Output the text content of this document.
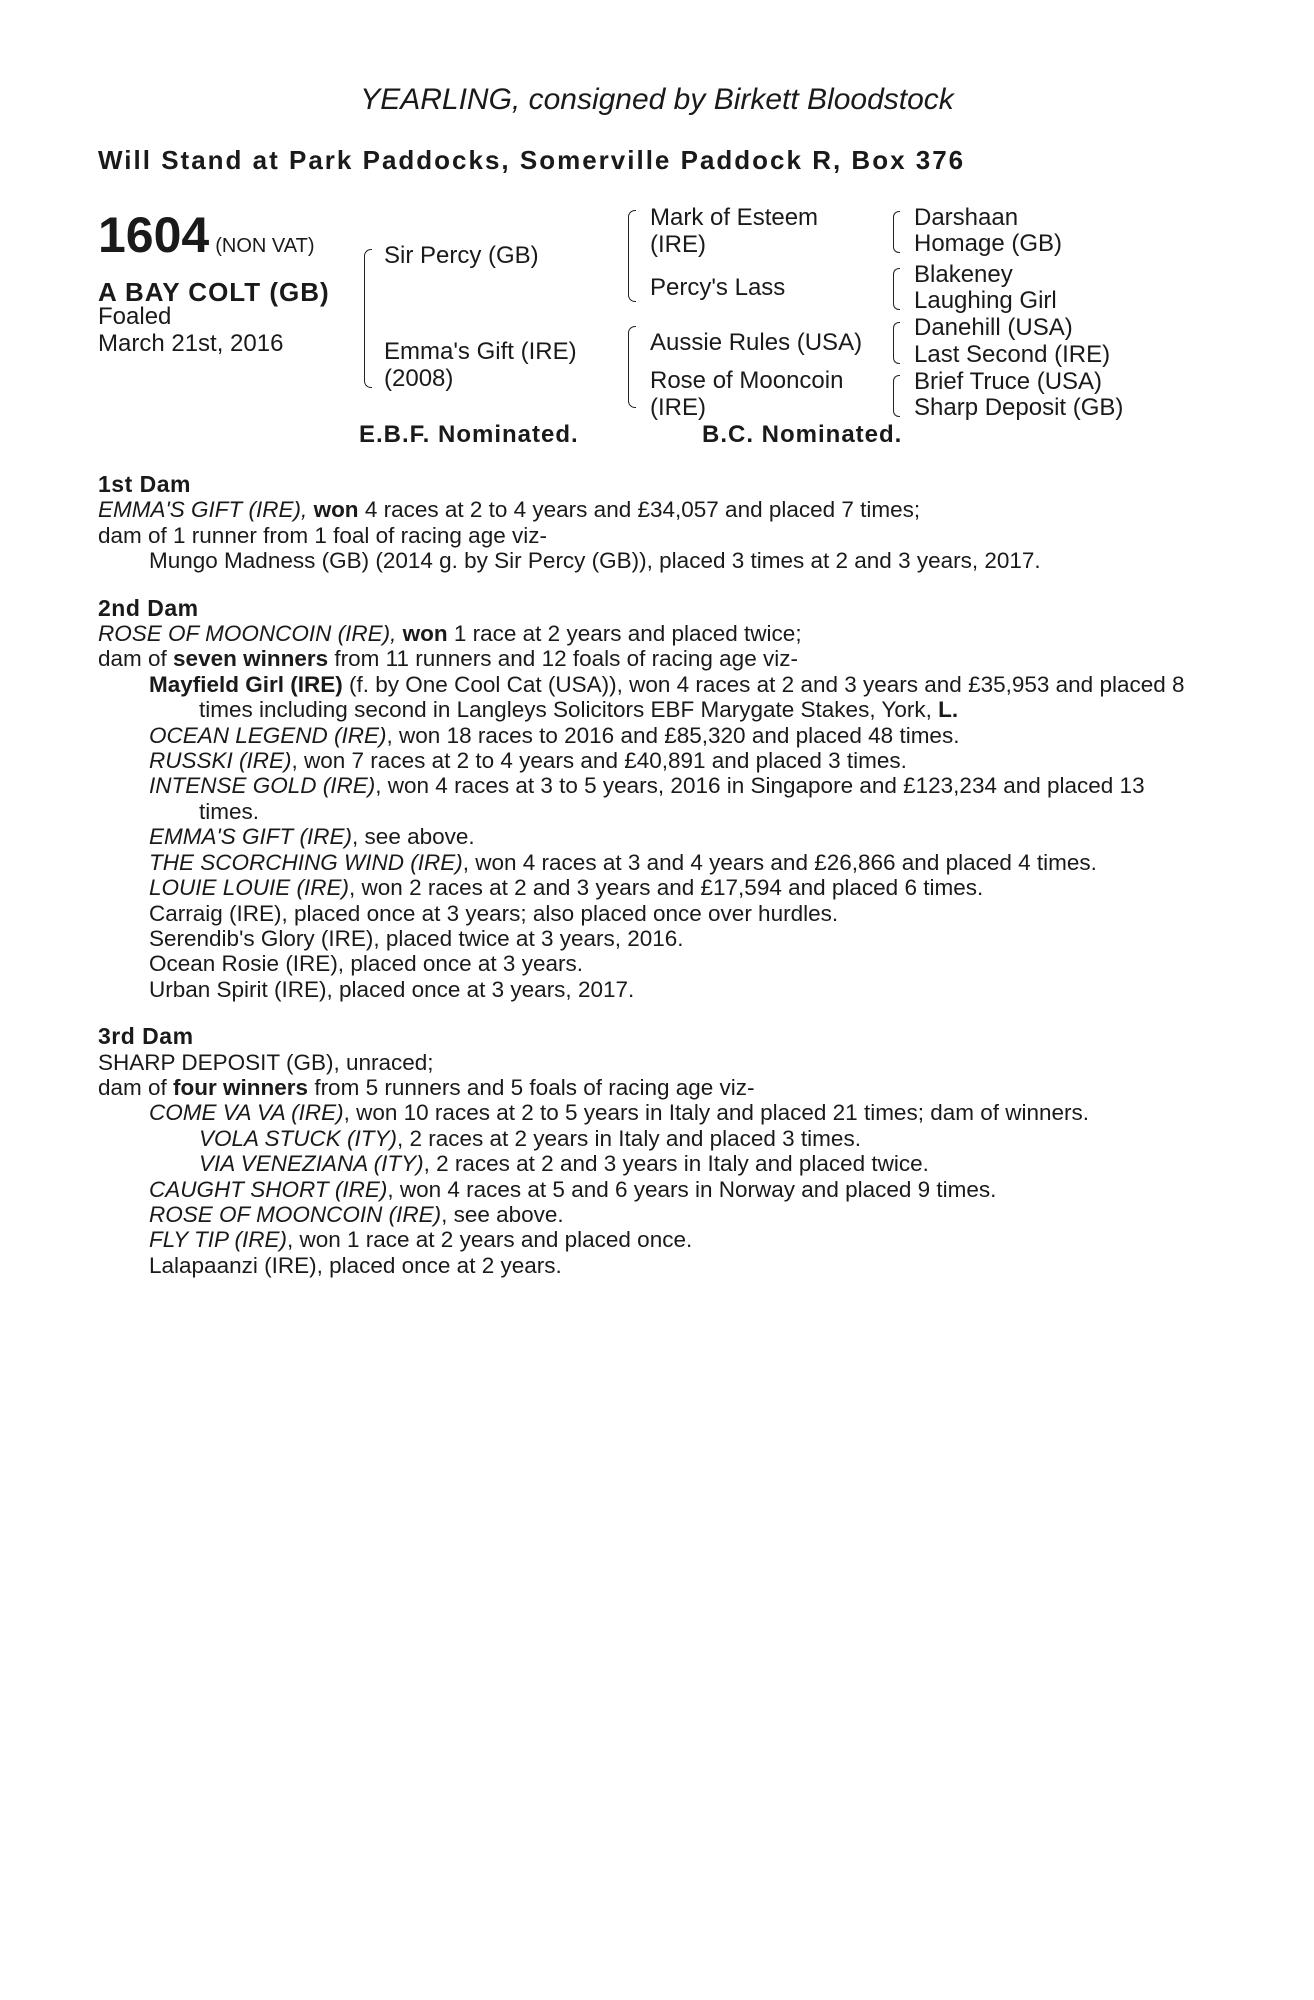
YEARLING, consigned by Birkett Bloodstock
Will Stand at Park Paddocks, Somerville Paddock R, Box 376
1604 (NON VAT)
A BAY COLT (GB)
Foaled
March 21st, 2016
Sir Percy (GB)
Emma's Gift (IRE)
(2008)
Mark of Esteem
(IRE)
Percy's Lass
Aussie Rules (USA)
Rose of Mooncoin
(IRE)
Darshaan
Homage (GB)
Blakeney
Laughing Girl
Danehill (USA)
Last Second (IRE)
Brief Truce (USA)
Sharp Deposit (GB)
E.B.F. Nominated.	B.C. Nominated.

1st Dam

EMMA'S GIFT (IRE), won 4 races at 2 to 4 years and £34,057 and placed 7 times;

dam of 1 runner from 1 foal of racing age viz-

Mungo Madness (GB) (2014 g. by Sir Percy (GB)), placed 3 times at 2 and 3 years, 2017.

2nd Dam

ROSE OF MOONCOIN (IRE), won 1 race at 2 years and placed twice;

dam of seven winners from 11 runners and 12 foals of racing age viz-

Mayfield Girl (IRE) (f. by One Cool Cat (USA)), won 4 races at 2 and 3 years and £35,953 and placed 8 times including second in Langleys Solicitors EBF Marygate Stakes, York, L.

OCEAN LEGEND (IRE), won 18 races to 2016 and £85,320 and placed 48 times.

RUSSKI (IRE), won 7 races at 2 to 4 years and £40,891 and placed 3 times.

INTENSE GOLD (IRE), won 4 races at 3 to 5 years, 2016 in Singapore and £123,234 and placed 13 times.

EMMA'S GIFT (IRE), see above.

THE SCORCHING WIND (IRE), won 4 races at 3 and 4 years and £26,866 and placed 4 times.

LOUIE LOUIE (IRE), won 2 races at 2 and 3 years and £17,594 and placed 6 times.

Carraig (IRE), placed once at 3 years; also placed once over hurdles.

Serendib's Glory (IRE), placed twice at 3 years, 2016.

Ocean Rosie (IRE), placed once at 3 years.

Urban Spirit (IRE), placed once at 3 years, 2017.

3rd Dam

SHARP DEPOSIT (GB), unraced;

dam of four winners from 5 runners and 5 foals of racing age viz-

COME VA VA (IRE), won 10 races at 2 to 5 years in Italy and placed 21 times; dam of winners.

VOLA STUCK (ITY), 2 races at 2 years in Italy and placed 3 times.

VIA VENEZIANA (ITY), 2 races at 2 and 3 years in Italy and placed twice.

CAUGHT SHORT (IRE), won 4 races at 5 and 6 years in Norway and placed 9 times.

ROSE OF MOONCOIN (IRE), see above.

FLY TIP (IRE), won 1 race at 2 years and placed once.

Lalapaanzi (IRE), placed once at 2 years.
